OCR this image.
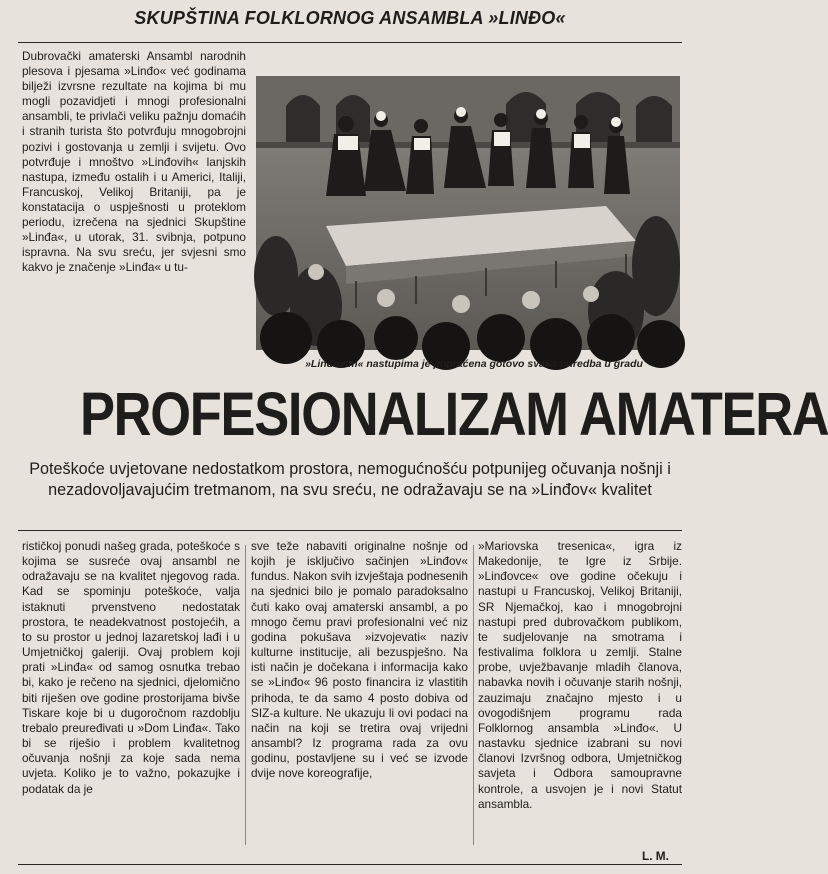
SKUPŠTINA FOLKLORNOG ANSAMBLA »LINĐO«

Dubrovački amaterski Ansambl narodnih plesova i pjesama »Linđo« već godinama bilježi izvrsne rezultate na kojima bi mu mogli pozavidjeti i mnogi profesionalni ansambli, te privlači veliku pažnju domaćih i stranih turista što potvrđuju mnogobrojni pozivi i gostovanja u zemlji i svijetu. Ovo potvrđuje i mnoštvo »Linđovih« lanjskih nastupa, između ostalih i u Americi, Italiji, Francuskoj, Velikoj Britaniji, pa je konstatacija o uspješnosti u proteklom periodu, izrečena na sjednici Skupštine »Linđa«, u utorak, 31. svibnja, potpuno ispravna. Na svu sreću, jer svjesni smo kakvo je značenje »Linđa« u tu-

»Linđovim« nastupima je popraćena gotovo svaka priredba u gradu
PROFESIONALIZAM AMATERA
Poteškoće uvjetovane nedostatkom prostora, nemogućnošću potpunijeg očuvanja nošnji i nezadovoljavajućim tretmanom, na svu sreću, ne odražavaju se na »Linđov« kvalitet

rističkoj ponudi našeg grada, poteškoće s kojima se susreće ovaj ansambl ne odražavaju se na kvalitet njegovog rada. Kad se spominju poteškoće, valja istaknuti prvenstveno nedostatak prostora, te neadekvatnost postojećih, a to su prostor u jednoj lazaretskoj lađi i u Umjetničkoj galeriji. Ovaj problem koji prati »Linđa« od samog osnutka trebao bi, kako je rečeno na sjednici, djelomično biti riješen ove godine prostorijama bivše Tiskare koje bi u dugoročnom razdoblju trebalo preuređivati u »Dom Linđa«. Tako bi se riješio i problem kvalitetnog očuvanja nošnji za koje sada nema uvjeta. Koliko je to važno, pokazujke i podatak da je

sve teže nabaviti originalne nošnje od kojih je isključivo sačinjen »Linđov« fundus. Nakon svih izvještaja podnesenih na sjednici bilo je pomalo paradoksalno čuti kako ovaj amaterski ansambl, a po mnogo čemu pravi profesionalni već niz godina pokušava »izvojevati« naziv kulturne institucije, ali bezuspješno. Na isti način je dočekana i informacija kako se »Linđo« 96 posto financira iz vlastitih prihoda, te da samo 4 posto dobiva od SIZ-a kulture. Ne ukazuju li ovi podaci na način na koji se tretira ovaj vrijedni ansambl? Iz programa rada za ovu godinu, postavljene su i već se izvode dvije nove koreografije,

»Mariovska tresenica«, igra iz Makedonije, te Igre iz Srbije. »Linđovce« ove godine očekuju i nastupi u Francuskoj, Velikoj Britaniji, SR Njemačkoj, kao i mnogobrojni nastupi pred dubrovačkom publikom, te sudjelovanje na smotrama i festivalima folklora u zemlji. Stalne probe, uvježbavanje mladih članova, nabavka novih i očuvanje starih nošnji, zauzimaju značajno mjesto i u ovogodišnjem programu rada Folklornog ansambla »Linđo«. U nastavku sjednice izabrani su novi članovi Izvršnog odbora, Umjetničkog savjeta i Odbora samoupravne kontrole, a usvojen je i novi Statut ansambla.

L. M.
